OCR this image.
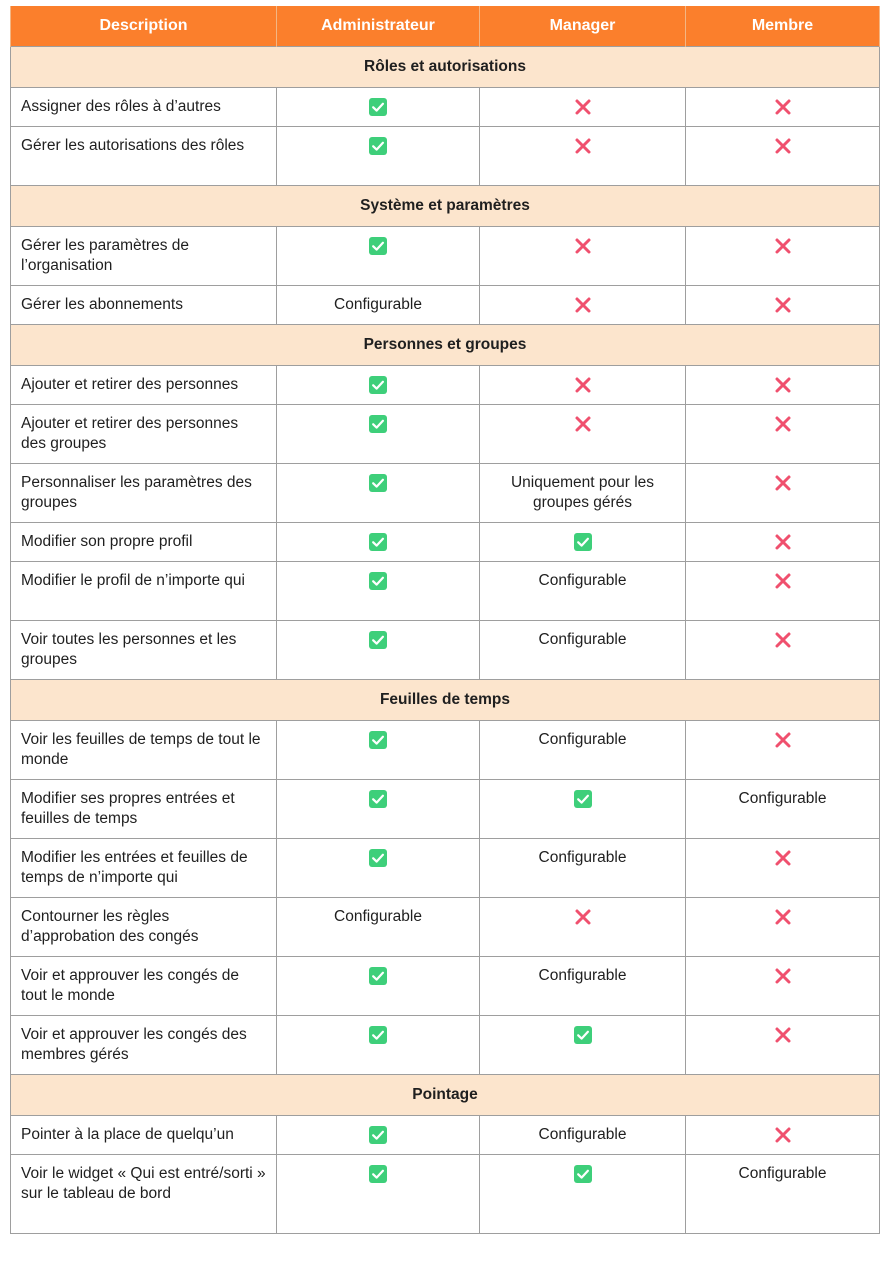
Description	Administrateur	Manager	Membre
Rôles et autorisations			
Assigner des rôles à d’autres	

Gérer les autorisations des rôles	

Système et paramètres			
Gérer les paramètres de l’organisation	

Gérer les abonnements	Configurable	

Personnes et groupes			
Ajouter et retirer des personnes	

Ajouter et retirer des personnes des groupes	

Personnaliser les paramètres des groupes		Uniquement pour les groupes gérés	

Modifier son propre profil	

Modifier le profil de n’importe qui		Configurable	

Voir toutes les personnes et les groupes		Configurable	

Feuilles de temps			
Voir les feuilles de temps de tout le monde		Configurable	

Modifier ses propres entrées et feuilles de temps			Configurable
Modifier les entrées et feuilles de temps de n’importe qui		Configurable	

Contourner les règles d’approbation des congés	Configurable	

Voir et approuver les congés de tout le monde		Configurable	

Voir et approuver les congés des membres gérés	

Pointage			
Pointer à la place de quelqu’un		Configurable	

Voir le widget « Qui est entré/sorti » sur le tableau de bord			Configurable
